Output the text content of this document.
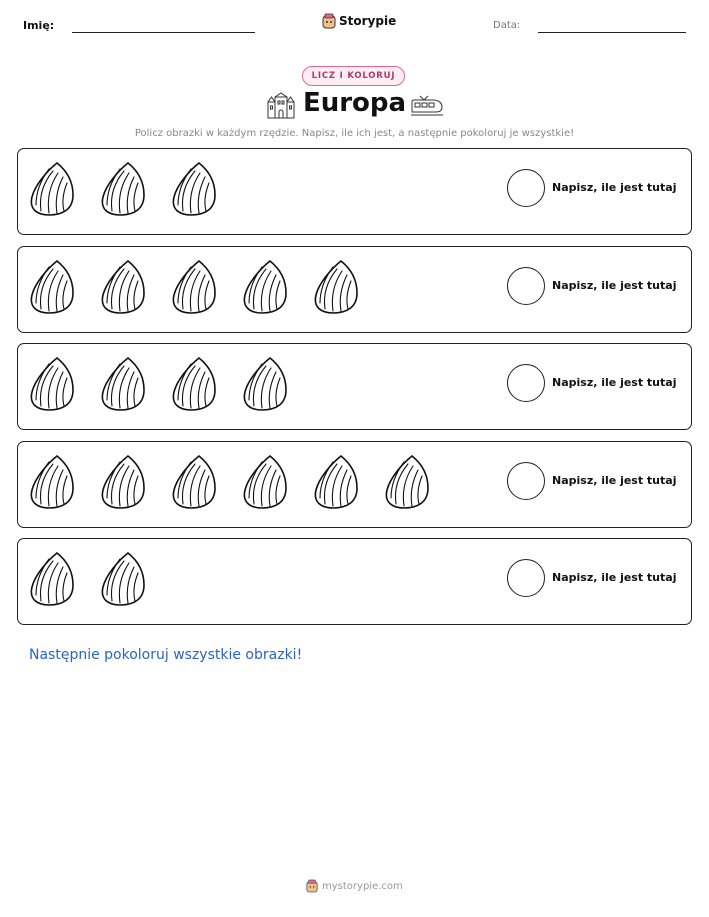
Imię:	Storypie	Data:
LICZ I KOLORUJ
Europa
Policz obrazki w każdym rzędzie. Napisz, ile ich jest, a następnie pokoloruj je wszystkie!
Napisz, ile jest tutaj
Napisz, ile jest tutaj
Napisz, ile jest tutaj
Napisz, ile jest tutaj
Napisz, ile jest tutaj
Następnie pokoloruj wszystkie obrazki!
mystorypie.com
